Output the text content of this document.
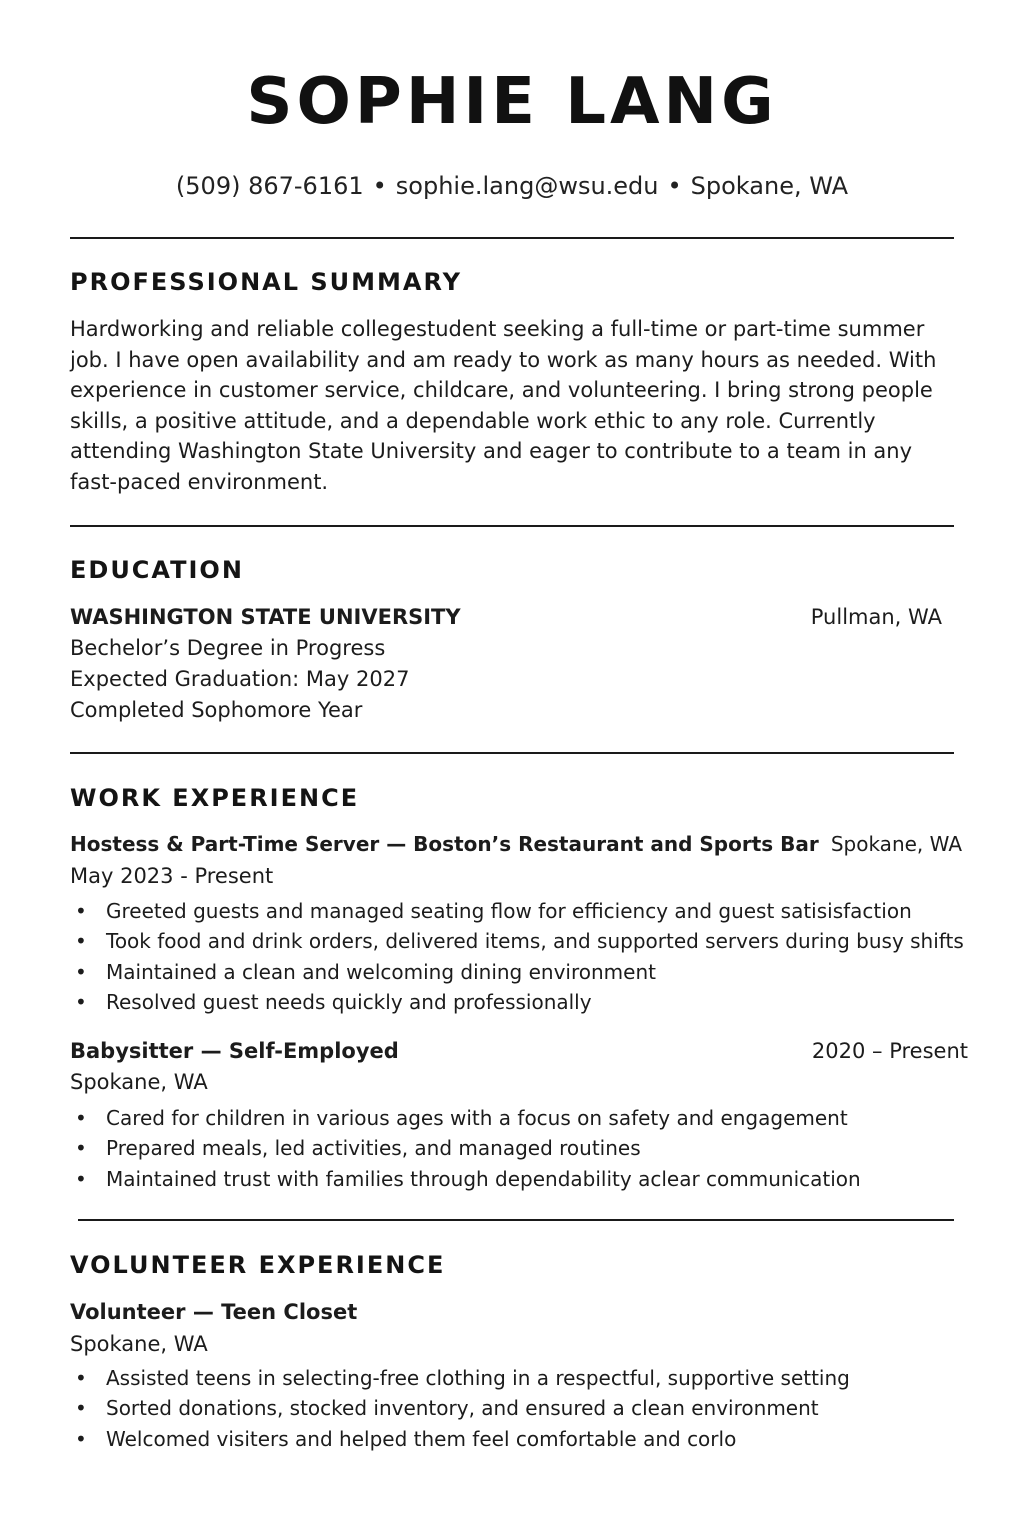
SOPHIE LANG
(509) 867-6161 • sophie.lang@wsu.edu • Spokane, WA
PROFESSIONAL SUMMARY
Hardworking and reliable collegestudent seeking a full-time or part-time summer
job. I have open availability and am ready to work as many hours as needed. With
experience in customer service, childcare, and volunteering. I bring strong people
skills, a positive attitude, and a dependable work ethic to any role. Currently
attending Washington State University and eager to contribute to a team in any
fast-paced environment.
EDUCATION
WASHINGTON STATE UNIVERSITY	Pullman, WA
Bechelor’s Degree in Progress
Expected Graduation: May 2027
Completed Sophomore Year
WORK EXPERIENCE
Hostess & Part-Time Server — Boston’s Restaurant and Sports Bar Spokane, WA
May 2023 - Present
• Greeted guests and managed seating flow for efficiency and guest satisisfaction
• Took food and drink orders, delivered items, and supported servers during busy shifts
• Maintained a clean and welcoming dining environment
• Resolved guest needs quickly and professionally
Babysitter — Self-Employed	2020 – Present
Spokane, WA
• Cared for children in various ages with a focus on safety and engagement
• Prepared meals, led activities, and managed routines
• Maintained trust with families through dependability aclear communication
VOLUNTEER EXPERIENCE
Volunteer — Teen Closet
Spokane, WA
• Assisted teens in selecting-free clothing in a respectful, supportive setting
• Sorted donations, stocked inventory, and ensured a clean environment
• Welcomed visiters and helped them feel comfortable and corlo
